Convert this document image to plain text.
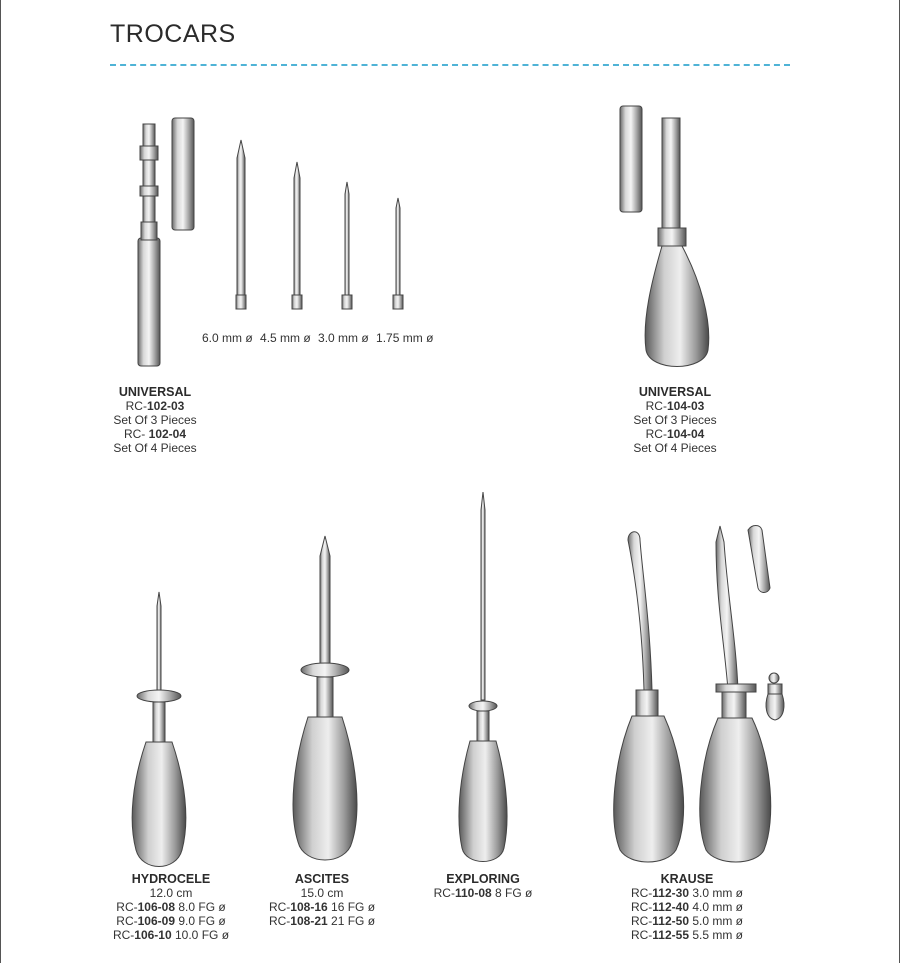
TROCARS
6.0 mm ø 4.5 mm ø 3.0 mm ø 1.75 mm ø
UNIVERSAL
RC-102-03
Set Of 3 Pieces
RC- 102-04
Set Of 4 Pieces
UNIVERSAL
RC-104-03
Set Of 3 Pieces
RC-104-04
Set Of 4 Pieces
HYDROCELE
12.0 cm
RC-106-08 8.0 FG ø
RC-106-09 9.0 FG ø
RC-106-10 10.0 FG ø
ASCITES
15.0 cm
RC-108-16 16 FG ø
RC-108-21 21 FG ø
EXPLORING
RC-110-08 8 FG ø
KRAUSE
RC-112-30 3.0 mm ø
RC-112-40 4.0 mm ø
RC-112-50 5.0 mm ø
RC-112-55 5.5 mm ø
